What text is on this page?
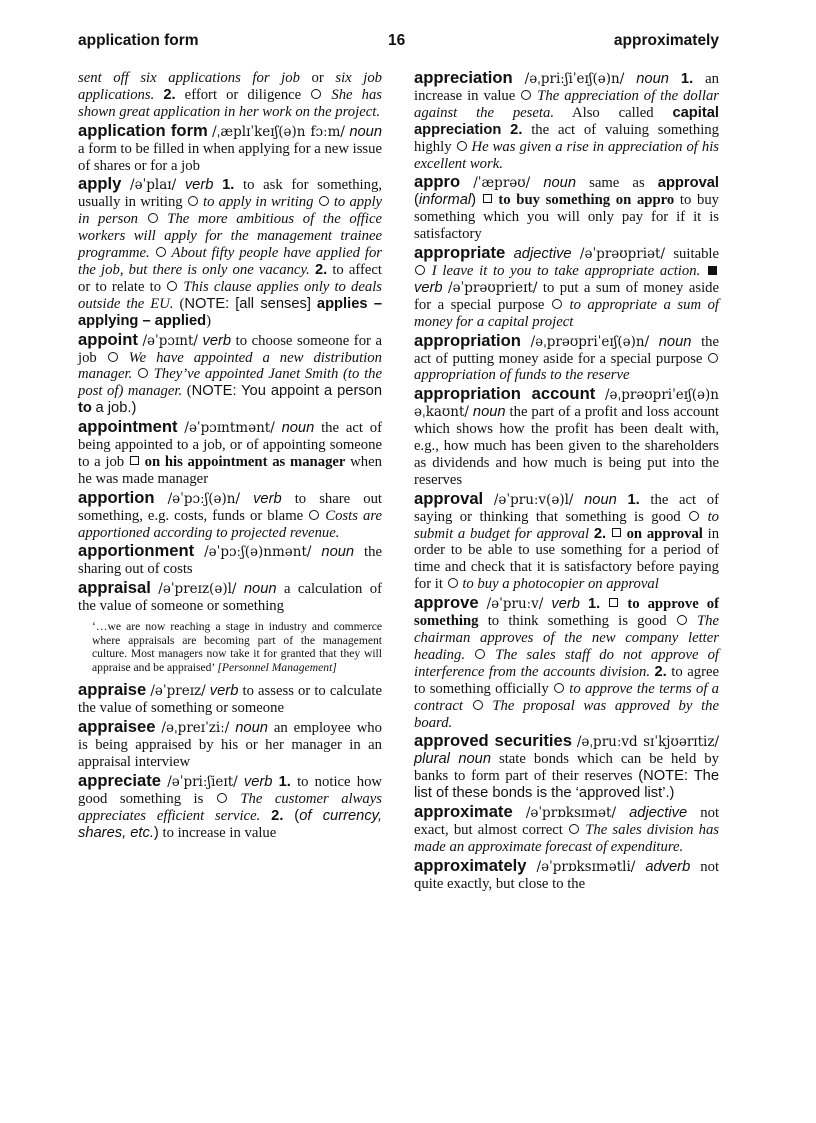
application form	16	approximately

sent off six applications for job or six job applications. 2. effort or diligence She has shown great application in her work on the project.

application form /ˌæplɪˈkeɪʃ(ə)n fɔːm/ noun a form to be filled in when applying for a new issue of shares or for a job

apply /əˈplaɪ/ verb 1. to ask for something, usually in writing to apply in writing to apply in person The more ambitious of the office workers will apply for the management trainee programme. About fifty people have applied for the job, but there is only one vacancy. 2. to affect or to relate to This clause applies only to deals outside the EU. (NOTE: [all senses] applies – applying – applied)

appoint /əˈpɔɪnt/ verb to choose someone for a job We have appointed a new distribution manager. They’ve appointed Janet Smith (to the post of) manager. (NOTE: You appoint a person to a job.)

appointment /əˈpɔɪntmənt/ noun the act of being appointed to a job, or of appointing someone to a job on his appointment as manager when he was made manager

apportion /əˈpɔːʃ(ə)n/ verb to share out something, e.g. costs, funds or blame Costs are apportioned according to projected revenue.

apportionment /əˈpɔːʃ(ə)nmənt/ noun the sharing out of costs

appraisal /əˈpreɪz(ə)l/ noun a calculation of the value of someone or something

‘…we are now reaching a stage in industry and commerce where appraisals are becoming part of the management culture. Most managers now take it for granted that they will appraise and be appraised’ [Personnel Management]

appraise /əˈpreɪz/ verb to assess or to calculate the value of something or someone

appraisee /əˌpreɪˈziː/ noun an employee who is being appraised by his or her manager in an appraisal interview

appreciate /əˈpriːʃieɪt/ verb 1. to notice how good something is	The customer always appreciates efficient service. 2. (of currency, shares, etc.) to increase in value

appreciation /əˌpriːʃiˈeɪʃ(ə)n/ noun 1. an increase in value The appreciation of the dollar against the peseta. Also called capital appreciation 2. the act of valuing something highly He was given a rise in appreciation of his excellent work.

appro /ˈæprəʊ/ noun same as approval (informal) to buy something on appro to buy something which you will only pay for if it is satisfactory

appropriate adjective /əˈprəʊpriət/ suitable  I leave it to you to take appropriate action.  verb /əˈprəʊprieɪt/ to put a sum of money aside for a special purpose to appropriate a sum of money for a capital project

appropriation /əˌprəʊpriˈeɪʃ(ə)n/ noun the act of putting money aside for a special purpose  appropriation of funds to the reserve

appropriation account /əˌprəʊpriˈeɪʃ(ə)n əˌkaʊnt/ noun the part of a profit and loss account which shows how the profit has been dealt with, e.g., how much has been given to the shareholders as dividends and how much is being put into the reserves

approval /əˈpruːv(ə)l/ noun 1. the act of saying or thinking that something is good to submit a budget for approval 2. on approval in order to be able to use something for a period of time and check that it is satisfactory before paying for it to buy a photocopier on approval

approve /əˈpruːv/ verb 1. to approve of something to think something is good The chairman approves of the new company letter heading. The sales staff do not approve of interference from the accounts division. 2. to agree to something officially to approve the terms of a contract The proposal was approved by the board.

approved securities /əˌpruːvd sɪˈkjʊərɪtiz/ plural noun state bonds which can be held by banks to form part of their reserves (NOTE: The list of these bonds is the ‘approved list’.)

approximate /əˈprɒksɪmət/ adjective not exact, but almost correct The sales division has made an approximate forecast of expenditure.

approximately /əˈprɒksɪmətli/ adverb not quite exactly, but close to the
